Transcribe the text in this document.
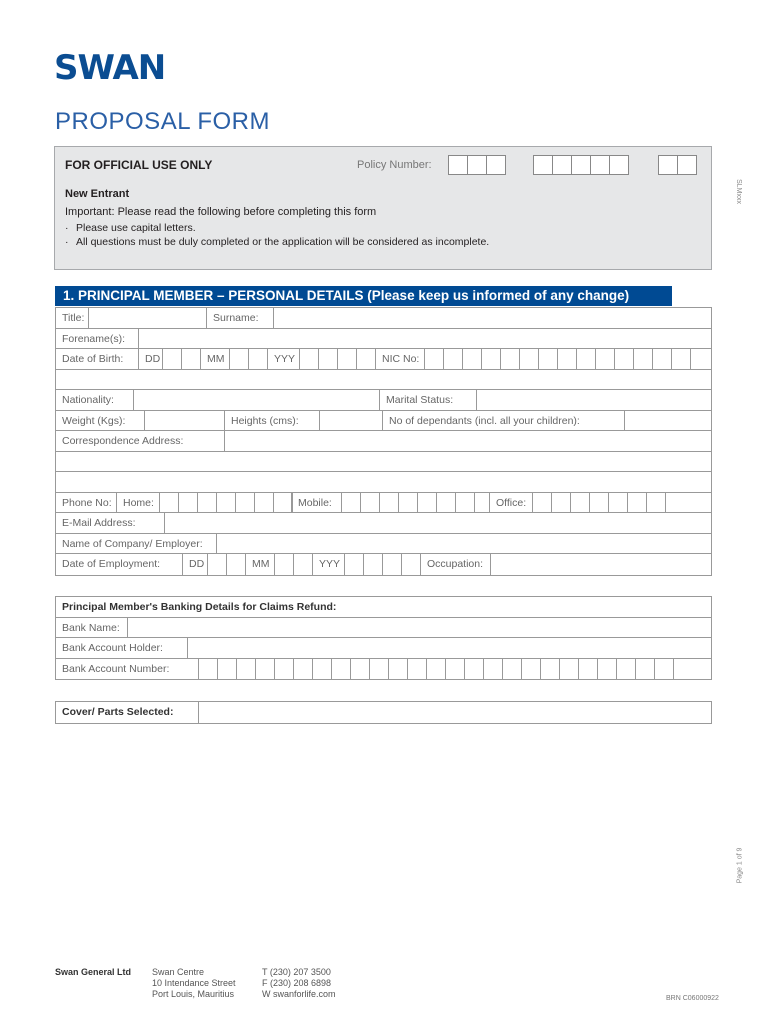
SWAN
PROPOSAL FORM
FOR OFFICIAL USE ONLY	Policy Number:
New Entrant
Important: Please read the following before completing this form
· Please use capital letters.
· All questions must be duly completed or the application will be considered as incomplete.
SLMxxx
1. PRINCIPAL MEMBER – PERSONAL DETAILS (Please keep us informed of any change)
Title:	Surname:
Forename(s):
Date of Birth:	DD	MM	YYY	NIC No:
Nationality:	Marital Status:
Weight (Kgs):	Heights (cms):	No of dependants (incl. all your children):
Correspondence Address:
Phone No:	Home:	Mobile:	Office:
E-Mail Address:
Name of Company/ Employer:
Date of Employment:	DD	MM	YYY	Occupation:
Principal Member's Banking Details for Claims Refund:
Bank Name:
Bank Account Holder:
Bank Account Number:
Cover/ Parts Selected:
Page 1 of 9
Swan General Ltd Swan Centre
10 Intendance Street
Port Louis, Mauritius
T (230) 207 3500
F (230) 208 6898
W swanforlife.com	BRN C06000922
